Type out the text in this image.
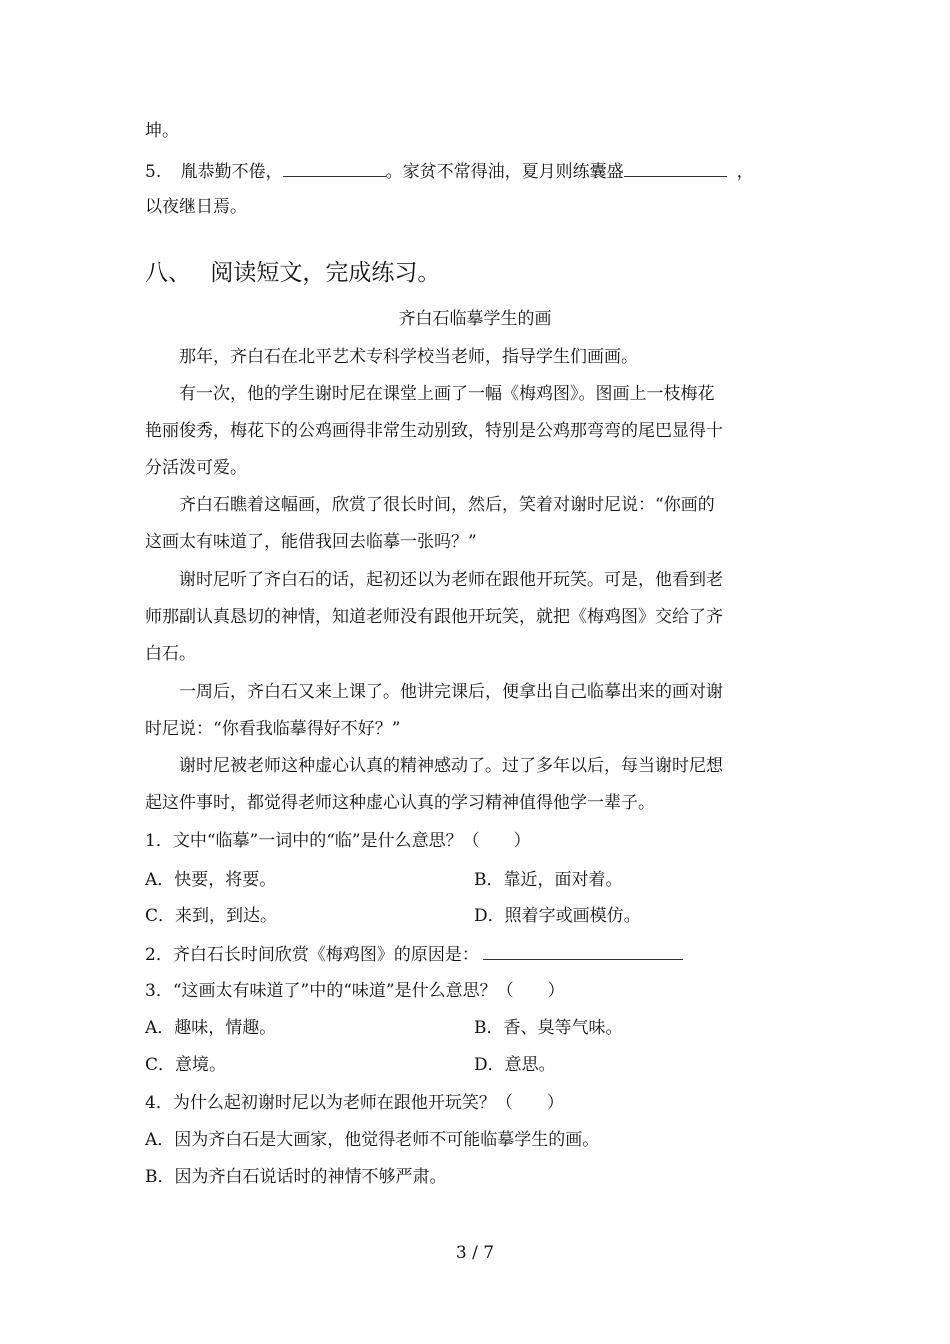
坤。
5. 胤恭勤不倦，	。家贫不常得油，夏月则练囊盛	，
以夜继日焉。
八、 阅读短文，完成练习。
齐白石临摹学生的画
　　那年，齐白石在北平艺术专科学校当老师，指导学生们画画。
　　有一次，他的学生谢时尼在课堂上画了一幅《梅鸡图》。图画上一枝梅花
艳丽俊秀，梅花下的公鸡画得非常生动别致，特别是公鸡那弯弯的尾巴显得十
分活泼可爱。
　　齐白石瞧着这幅画，欣赏了很长时间，然后，笑着对谢时尼说：“你画的
这画太有味道了，能借我回去临摹一张吗？”
　　谢时尼听了齐白石的话，起初还以为老师在跟他开玩笑。可是，他看到老
师那副认真恳切的神情，知道老师没有跟他开玩笑，就把《梅鸡图》交给了齐
白石。
　　一周后，齐白石又来上课了。他讲完课后，便拿出自己临摹出来的画对谢
时尼说：“你看我临摹得好不好？”
　　谢时尼被老师这种虚心认真的精神感动了。过了多年以后，每当谢时尼想
起这件事时，都觉得老师这种虚心认真的学习精神值得他学一辈子。
1．文中“临摹”一词中的“临”是什么意思？（　　）
A．快要，将要。	B．靠近，面对着。
C．来到，到达。	D．照着字或画模仿。
2．齐白石长时间欣赏《梅鸡图》的原因是：
3．“这画太有味道了”中的“味道”是什么意思？（　　）
A．趣味，情趣。	B．香、臭等气味。
C．意境。	D．意思。
4．为什么起初谢时尼以为老师在跟他开玩笑？（　　）
A．因为齐白石是大画家，他觉得老师不可能临摹学生的画。
B．因为齐白石说话时的神情不够严肃。
3 / 7
